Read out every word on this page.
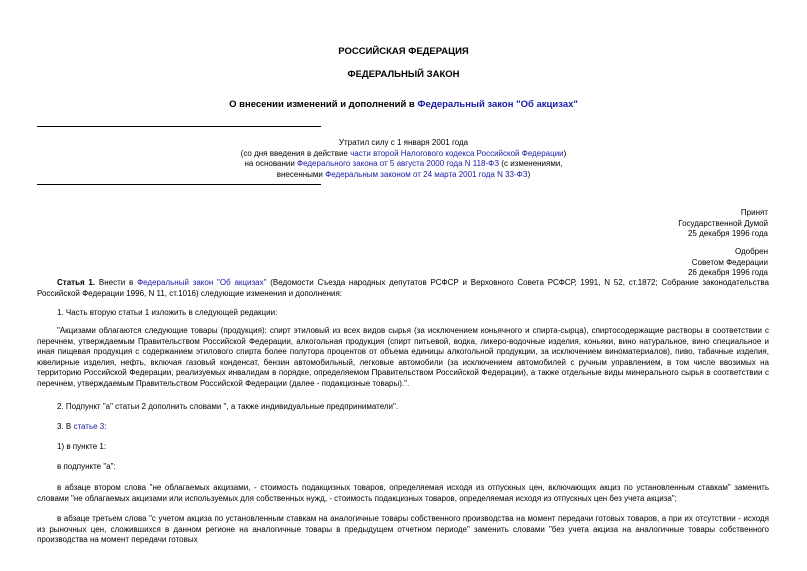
РОССИЙСКАЯ ФЕДЕРАЦИЯ
ФЕДЕРАЛЬНЫЙ ЗАКОН
О внесении изменений и дополнений в Федеральный закон "Об акцизах"
Утратил силу с 1 января 2001 года
(со дня введения в действие части второй Налогового кодекса Российской Федерации)
на основании Федерального закона от 5 августа 2000 года N 118-ФЗ (с изменениями,
внесенными Федеральным законом от 24 марта 2001 года N 33-ФЗ)
Принят
Государственной Думой
25 декабря 1996 года
Одобрен
Советом Федерации
26 декабря 1996 года
Статья 1. Внести в Федеральный закон "Об акцизах" (Ведомости Съезда народных депутатов РСФСР и Верховного Совета РСФСР, 1991, N 52, ст.1872; Собрание законодательства Российской Федерации 1996, N 11, ст.1016) следующие изменения и дополнения:
1. Часть вторую статьи 1 изложить в следующей редакции:
"Акцизами облагаются следующие товары (продукция): спирт этиловый из всех видов сырья (за исключением коньячного и спирта-сырца), спиртосодержащие растворы в соответствии с перечнем, утверждаемым Правительством Российской Федерации, алкогольная продукция (спирт питьевой, водка, ликеро-водочные изделия, коньяки, вино натуральное, вино специальное и иная пищевая продукция с содержанием этилового спирта более полутора процентов от объема единицы алкогольной продукции, за исключением виноматериалов), пиво, табачные изделия, ювелирные изделия, нефть, включая газовый конденсат, бензин автомобильный, легковые автомобили (за исключением автомобилей с ручным управлением, в том числе ввозимых на территорию Российской Федерации, реализуемых инвалидам в порядке, определяемом Правительством Российской Федерации), а также отдельные виды минерального сырья в соответствии с перечнем, утверждаемым Правительством Российской Федерации (далее - подакцизные товары).".
2. Подпункт "а" статьи 2 дополнить словами ", а также индивидуальные предприниматели".
3. В статье 3:
1) в пункте 1:
в подпункте "а":
в абзаце втором слова "не облагаемых акцизами, - стоимость подакцизных товаров, определяемая исходя из отпускных цен, включающих акциз по установленным ставкам" заменить словами "не облагаемых акцизами или используемых для собственных нужд, - стоимость подакцизных товаров, определяемая исходя из отпускных цен без учета акциза";
в абзаце третьем слова "с учетом акциза по установленным ставкам на аналогичные товары собственного производства на момент передачи готовых товаров, а при их отсутствии - исходя из рыночных цен, сложившихся в данном регионе на аналогичные товары в предыдущем отчетном периоде" заменить словами "без учета акциза на аналогичные товары собственного производства на момент передачи готовых
